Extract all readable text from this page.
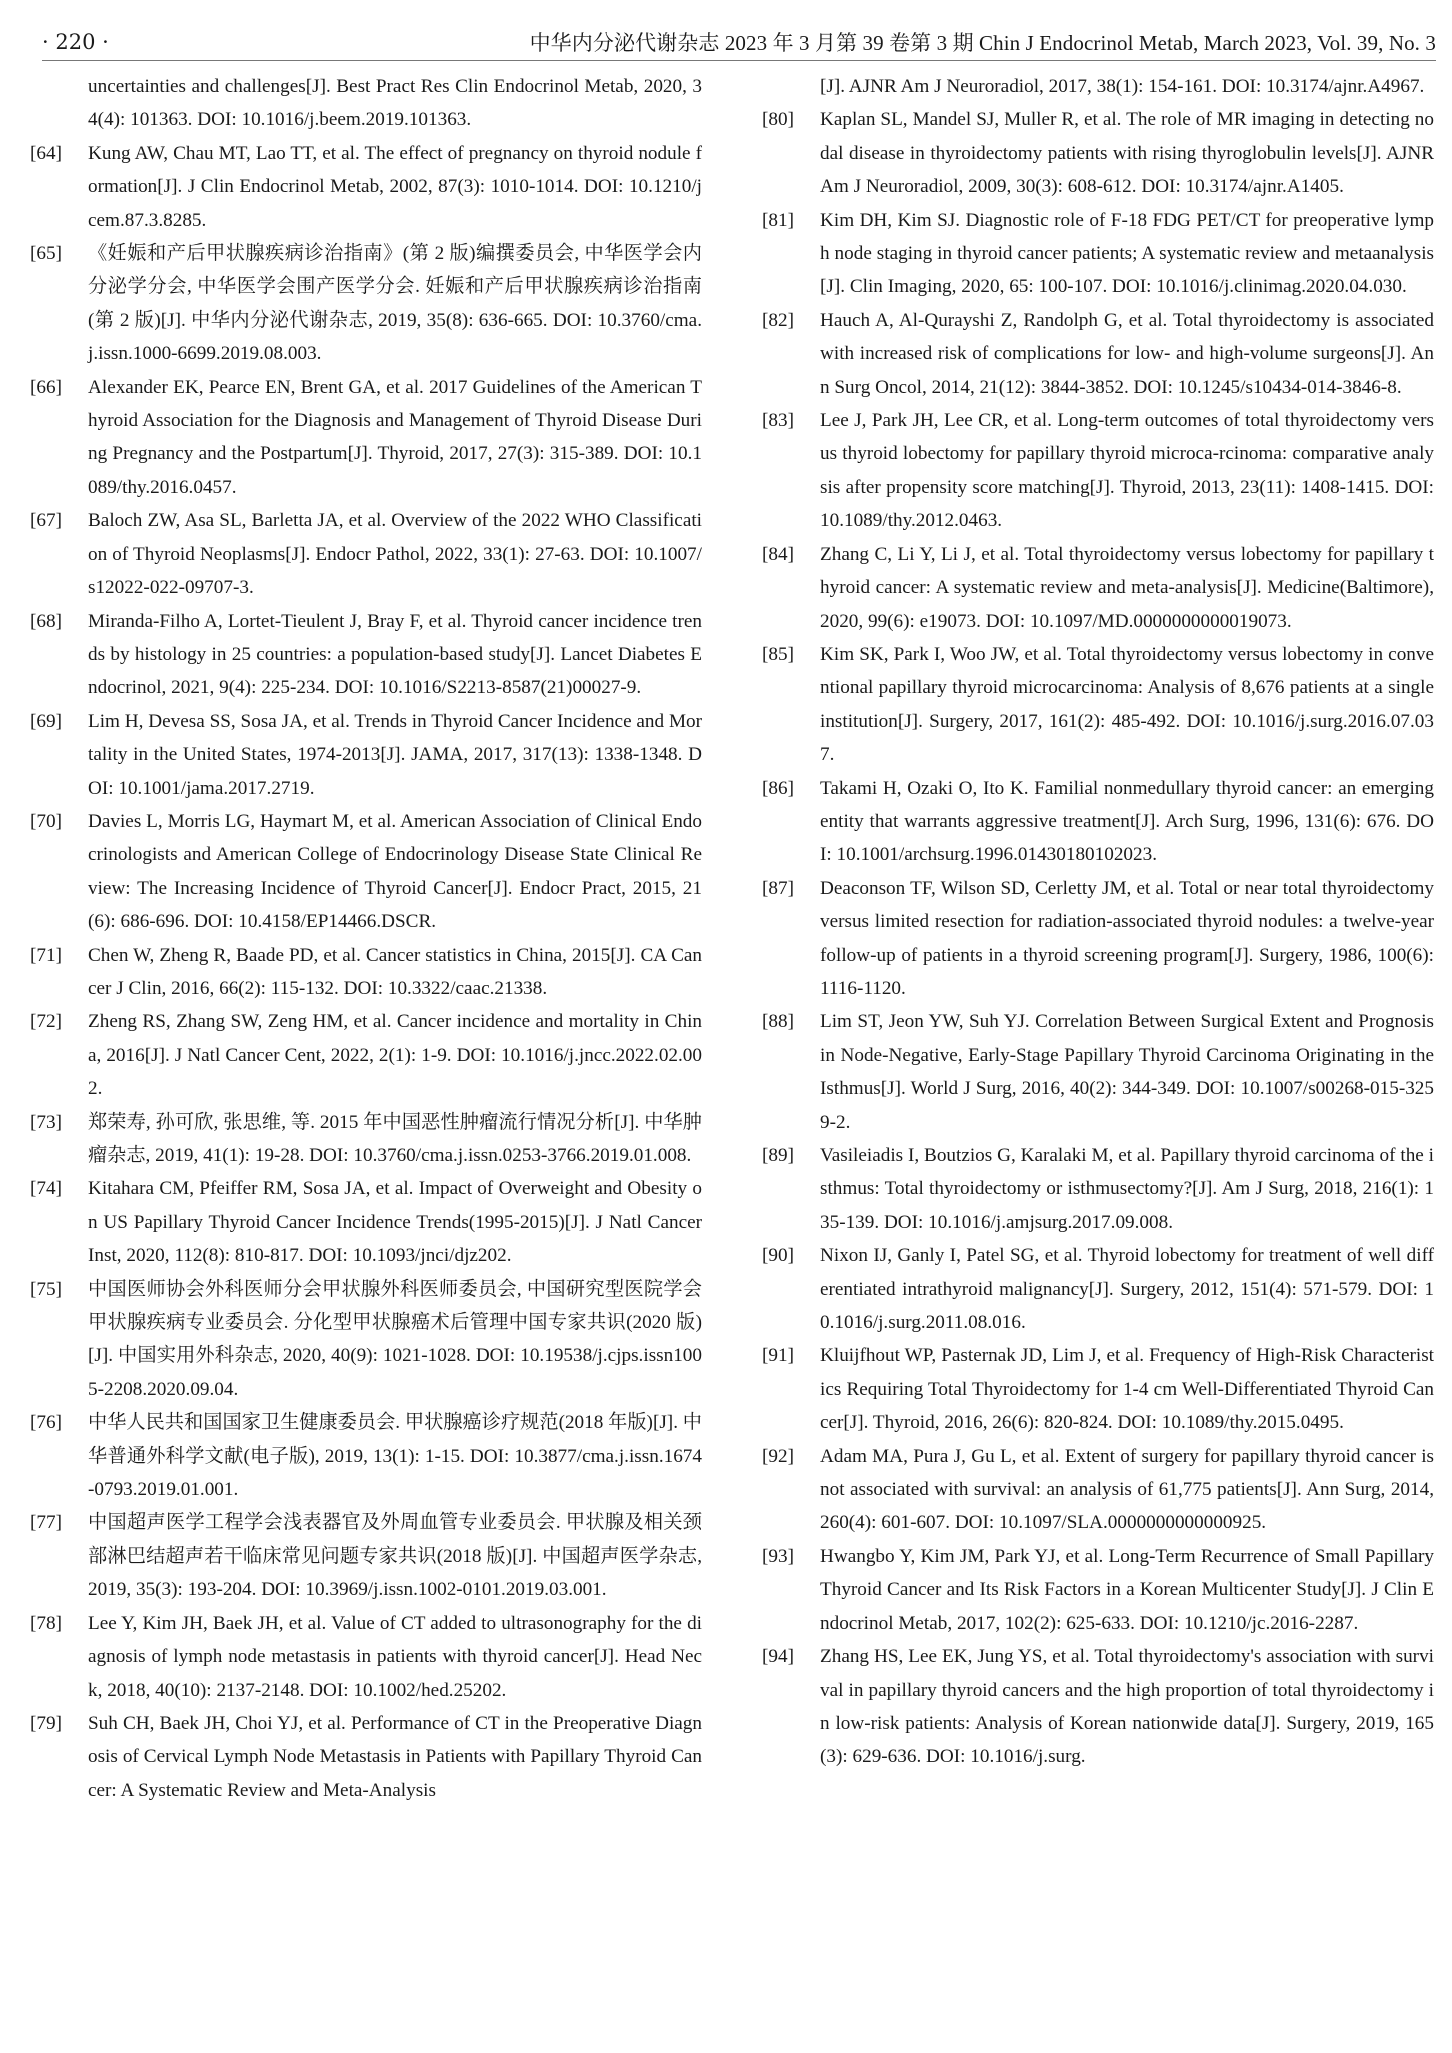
· 220 ·	中华内分泌代谢杂志 2023 年 3 月第 39 卷第 3 期 Chin J Endocrinol Metab, March 2023, Vol. 39, No. 3
uncertainties and challenges[J]. Best Pract Res Clin Endocrinol Metab, 2020, 34(4): 101363. DOI: 10.1016/j.beem.2019.101363.
[64] Kung AW, Chau MT, Lao TT, et al. The effect of pregnancy on thyroid nodule formation[J]. J Clin Endocrinol Metab, 2002, 87(3): 1010-1014. DOI: 10.1210/jcem.87.3.8285.
[65] 《妊娠和产后甲状腺疾病诊治指南》(第 2 版)编撰委员会, 中华医学会内分泌学分会, 中华医学会围产医学分会. 妊娠和产后甲状腺疾病诊治指南(第 2 版)[J]. 中华内分泌代谢杂志, 2019, 35(8): 636-665. DOI: 10.3760/cma.j.issn.1000-6699.2019.08.003.
[66] Alexander EK, Pearce EN, Brent GA, et al. 2017 Guidelines of the American Thyroid Association for the Diagnosis and Management of Thyroid Disease During Pregnancy and the Postpartum[J]. Thyroid, 2017, 27(3): 315-389. DOI: 10.1089/thy.2016.0457.
[67] Baloch ZW, Asa SL, Barletta JA, et al. Overview of the 2022 WHO Classification of Thyroid Neoplasms[J]. Endocr Pathol, 2022, 33(1): 27-63. DOI: 10.1007/s12022-022-09707-3.
[68] Miranda-Filho A, Lortet-Tieulent J, Bray F, et al. Thyroid cancer incidence trends by histology in 25 countries: a population-based study[J]. Lancet Diabetes Endocrinol, 2021, 9(4): 225-234. DOI: 10.1016/S2213-8587(21)00027-9.
[69] Lim H, Devesa SS, Sosa JA, et al. Trends in Thyroid Cancer Incidence and Mortality in the United States, 1974-2013[J]. JAMA, 2017, 317(13): 1338-1348. DOI: 10.1001/jama.2017.2719.
[70] Davies L, Morris LG, Haymart M, et al. American Association of Clinical Endocrinologists and American College of Endocrinology Disease State Clinical Review: The Increasing Incidence of Thyroid Cancer[J]. Endocr Pract, 2015, 21(6): 686-696. DOI: 10.4158/EP14466.DSCR.
[71] Chen W, Zheng R, Baade PD, et al. Cancer statistics in China, 2015[J]. CA Cancer J Clin, 2016, 66(2): 115-132. DOI: 10.3322/caac.21338.
[72] Zheng RS, Zhang SW, Zeng HM, et al. Cancer incidence and mortality in China, 2016[J]. J Natl Cancer Cent, 2022, 2(1): 1-9. DOI: 10.1016/j.jncc.2022.02.002.
[73] 郑荣寿, 孙可欣, 张思维, 等. 2015 年中国恶性肿瘤流行情况分析[J]. 中华肿瘤杂志, 2019, 41(1): 19-28. DOI: 10.3760/cma.j.issn.0253-3766.2019.01.008.
[74] Kitahara CM, Pfeiffer RM, Sosa JA, et al. Impact of Overweight and Obesity on US Papillary Thyroid Cancer Incidence Trends(1995-2015)[J]. J Natl Cancer Inst, 2020, 112(8): 810-817. DOI: 10.1093/jnci/djz202.
[75] 中国医师协会外科医师分会甲状腺外科医师委员会, 中国研究型医院学会甲状腺疾病专业委员会. 分化型甲状腺癌术后管理中国专家共识(2020 版)[J]. 中国实用外科杂志, 2020, 40(9): 1021-1028. DOI: 10.19538/j.cjps.issn1005-2208.2020.09.04.
[76] 中华人民共和国国家卫生健康委员会. 甲状腺癌诊疗规范(2018 年版)[J]. 中华普通外科学文献(电子版), 2019, 13(1): 1-15. DOI: 10.3877/cma.j.issn.1674-0793.2019.01.001.
[77] 中国超声医学工程学会浅表器官及外周血管专业委员会. 甲状腺及相关颈部淋巴结超声若干临床常见问题专家共识(2018 版)[J]. 中国超声医学杂志, 2019, 35(3): 193-204. DOI: 10.3969/j.issn.1002-0101.2019.03.001.
[78] Lee Y, Kim JH, Baek JH, et al. Value of CT added to ultrasonography for the diagnosis of lymph node metastasis in patients with thyroid cancer[J]. Head Neck, 2018, 40(10): 2137-2148. DOI: 10.1002/hed.25202.
[79] Suh CH, Baek JH, Choi YJ, et al. Performance of CT in the Preoperative Diagnosis of Cervical Lymph Node Metastasis in Patients with Papillary Thyroid Cancer: A Systematic Review and Meta-Analysis
[J]. AJNR Am J Neuroradiol, 2017, 38(1): 154-161. DOI: 10.3174/ajnr.A4967.
[80] Kaplan SL, Mandel SJ, Muller R, et al. The role of MR imaging in detecting nodal disease in thyroidectomy patients with rising thyroglobulin levels[J]. AJNR Am J Neuroradiol, 2009, 30(3): 608-612. DOI: 10.3174/ajnr.A1405.
[81] Kim DH, Kim SJ. Diagnostic role of F-18 FDG PET/CT for preoperative lymph node staging in thyroid cancer patients; A systematic review and metaanalysis[J]. Clin Imaging, 2020, 65: 100-107. DOI: 10.1016/j.clinimag.2020.04.030.
[82] Hauch A, Al-Qurayshi Z, Randolph G, et al. Total thyroidectomy is associated with increased risk of complications for low- and high-volume surgeons[J]. Ann Surg Oncol, 2014, 21(12): 3844-3852. DOI: 10.1245/s10434-014-3846-8.
[83] Lee J, Park JH, Lee CR, et al. Long-term outcomes of total thyroidectomy versus thyroid lobectomy for papillary thyroid microca-rcinoma: comparative analysis after propensity score matching[J]. Thyroid, 2013, 23(11): 1408-1415. DOI: 10.1089/thy.2012.0463.
[84] Zhang C, Li Y, Li J, et al. Total thyroidectomy versus lobectomy for papillary thyroid cancer: A systematic review and meta-analysis[J]. Medicine(Baltimore), 2020, 99(6): e19073. DOI: 10.1097/MD.0000000000019073.
[85] Kim SK, Park I, Woo JW, et al. Total thyroidectomy versus lobectomy in conventional papillary thyroid microcarcinoma: Analysis of 8,676 patients at a single institution[J]. Surgery, 2017, 161(2): 485-492. DOI: 10.1016/j.surg.2016.07.037.
[86] Takami H, Ozaki O, Ito K. Familial nonmedullary thyroid cancer: an emerging entity that warrants aggressive treatment[J]. Arch Surg, 1996, 131(6): 676. DOI: 10.1001/archsurg.1996.01430180102023.
[87] Deaconson TF, Wilson SD, Cerletty JM, et al. Total or near total thyroidectomy versus limited resection for radiation-associated thyroid nodules: a twelve-year follow-up of patients in a thyroid screening program[J]. Surgery, 1986, 100(6): 1116-1120.
[88] Lim ST, Jeon YW, Suh YJ. Correlation Between Surgical Extent and Prognosis in Node-Negative, Early-Stage Papillary Thyroid Carcinoma Originating in the Isthmus[J]. World J Surg, 2016, 40(2): 344-349. DOI: 10.1007/s00268-015-3259-2.
[89] Vasileiadis I, Boutzios G, Karalaki M, et al. Papillary thyroid carcinoma of the isthmus: Total thyroidectomy or isthmusectomy?[J]. Am J Surg, 2018, 216(1): 135-139. DOI: 10.1016/j.amjsurg.2017.09.008.
[90] Nixon IJ, Ganly I, Patel SG, et al. Thyroid lobectomy for treatment of well differentiated intrathyroid malignancy[J]. Surgery, 2012, 151(4): 571-579. DOI: 10.1016/j.surg.2011.08.016.
[91] Kluijfhout WP, Pasternak JD, Lim J, et al. Frequency of High-Risk Characteristics Requiring Total Thyroidectomy for 1-4 cm Well-Differentiated Thyroid Cancer[J]. Thyroid, 2016, 26(6): 820-824. DOI: 10.1089/thy.2015.0495.
[92] Adam MA, Pura J, Gu L, et al. Extent of surgery for papillary thyroid cancer is not associated with survival: an analysis of 61,775 patients[J]. Ann Surg, 2014, 260(4): 601-607. DOI: 10.1097/SLA.0000000000000925.
[93] Hwangbo Y, Kim JM, Park YJ, et al. Long-Term Recurrence of Small Papillary Thyroid Cancer and Its Risk Factors in a Korean Multicenter Study[J]. J Clin Endocrinol Metab, 2017, 102(2): 625-633. DOI: 10.1210/jc.2016-2287.
[94] Zhang HS, Lee EK, Jung YS, et al. Total thyroidectomy's association with survival in papillary thyroid cancers and the high proportion of total thyroidectomy in low-risk patients: Analysis of Korean nationwide data[J]. Surgery, 2019, 165(3): 629-636. DOI: 10.1016/j.surg.
